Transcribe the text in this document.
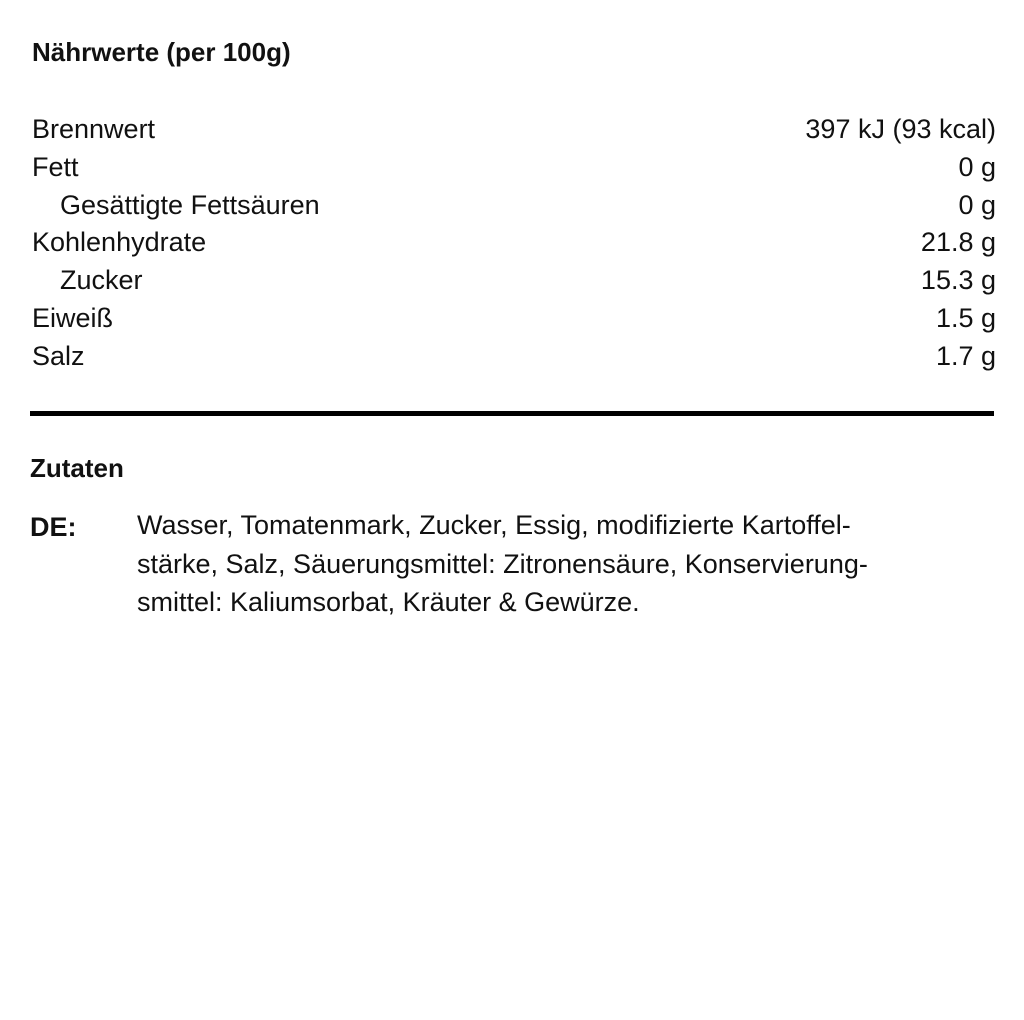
Nährwerte (per 100g)
Brennwert	397 kJ (93 kcal)
Fett	0 g
Gesättigte Fettsäuren	0 g
Kohlenhydrate	21.8 g
Zucker	15.3 g
Eiweiß	1.5 g
Salz	1.7 g
Zutaten
DE: Wasser, Tomatenmark, Zucker, Essig, modifizierte Kartoffel-
stärke, Salz, Säuerungsmittel: Zitronensäure, Konservierung-
smittel: Kaliumsorbat, Kräuter & Gewürze.
